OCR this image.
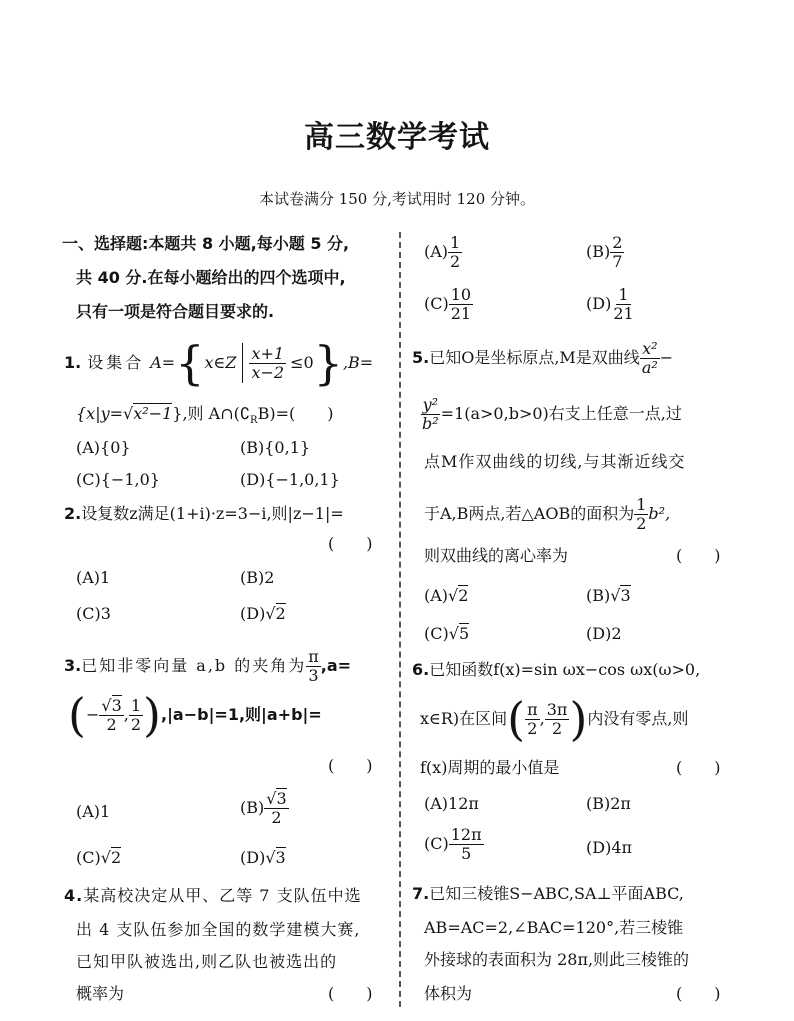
高三数学考试
本试卷满分 150 分,考试用时 120 分钟。
一、选择题:本题共 8 小题,每小题 5 分,
共 40 分.在每小题给出的四个选项中,
只有一项是符合题目要求的.
1. 设集合 A= { x∈Z $\frac{x+1}{x-2} \le 0$ } ,B=
{x|y=√x²−1},则 $A\cap(∁_RB)=$(　　)
(A){0}	(B){0,1}
(C){−1,0}	(D){−1,0,1}
2.设复数z满足(1+i)·z=3−i,则|z−1|=
(　　)
(A)1	(B)2
(C)3	(D)√2
3. 已知非零向量 a,b 的夹角为 $\frac{\pi}{3} ,a=$
( − $\frac{√3}{2}$ , $\frac{1}{2}$ ) ,|a−b|=1,则|a+b|=
(　　)
(A)1	$(B) \frac{√3}{2}$
(C)√2	(D)√3
4.某高校决定从甲、乙等 7 支队伍中选
出 4 支队伍参加全国的数学建模大赛,
已知甲队被选出,则乙队也被选出的
概率为	(　　)
$(A) \frac{1}{2}$	$(B) \frac{2}{7}$
$(C) \frac{10}{21}$	$(D) \frac{1}{21}$
5. 已知O是坐标原点,M是双曲线 $\frac{\text{x²}}{\text{a²}}$ −
$\frac{\text{y²}}{\text{b²}} =1(a>0,b>0)$右支上任意一点,过
点M作双曲线的切线,与其渐近线交
于A,B两点,若△AOB的面积为 $\frac{1}{2} b^2$,
则双曲线的离心率为	(　　)
(A)√2	(B)√3
(C)√5	(D)2
6.已知函数f(x)=sin ωx−cos ωx(ω>0,
x∈R)在区间 ( $\frac{\pi}{2}$ , $\frac{3\pi}{2}$ ) 内没有零点,则
f(x)周期的最小值是	(　　)
(A)12π	(B)2π
$(C) \frac{12\pi}{5}$	(D)4π
7.已知三棱锥S−ABC,SA⊥平面ABC,
AB=AC=2,∠BAC=120°,若三棱锥
外接球的表面积为 28π,则此三棱锥的
体积为	(　　)
